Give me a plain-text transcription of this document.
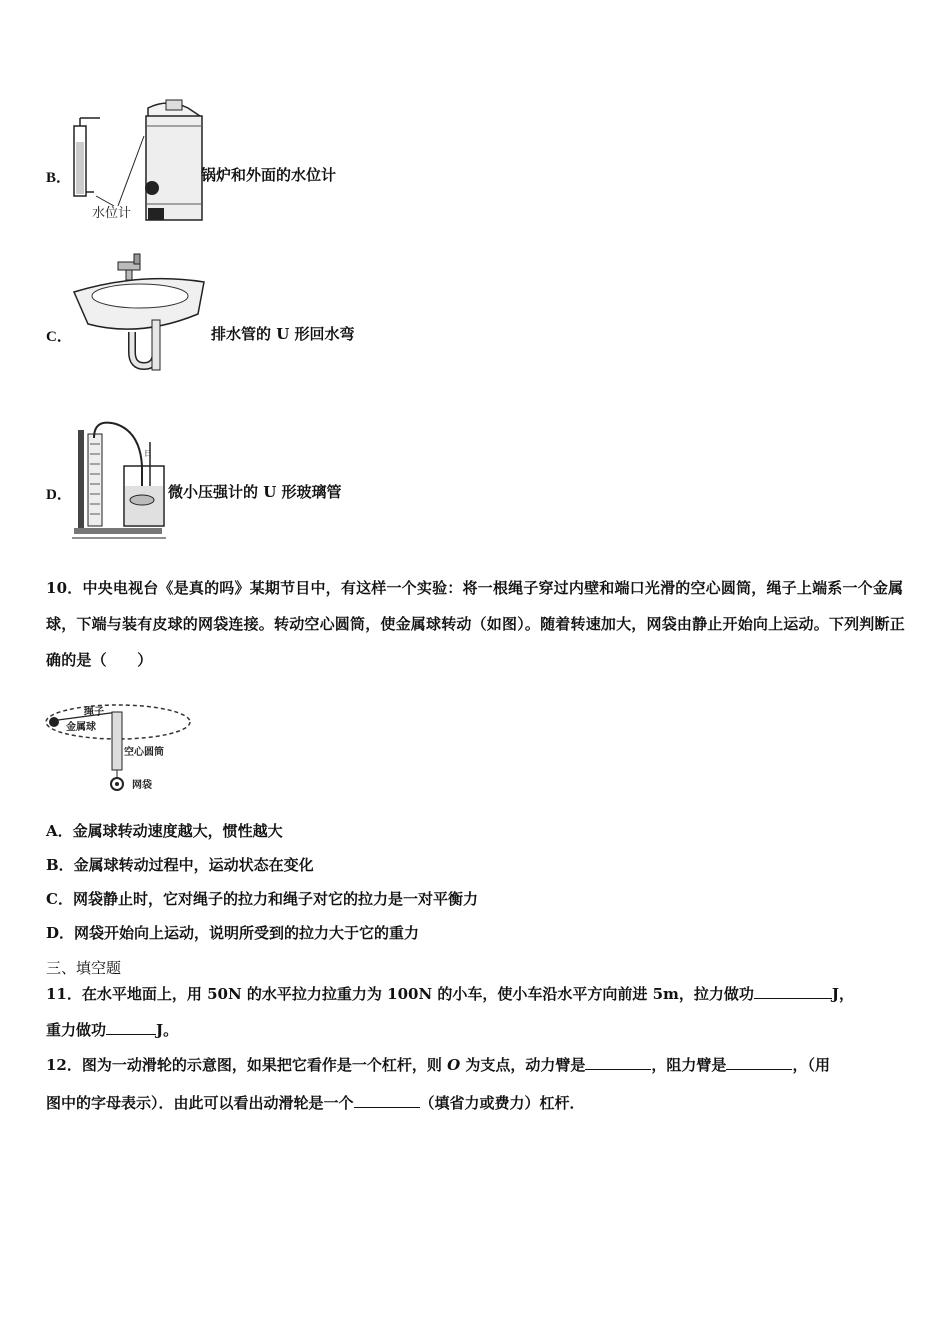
B．
水位计
锅炉和外面的水位计
C．	排水管的 U 形回水弯
D．
日
微小压强计的 U 形玻璃管
10．中央电视台《是真的吗》某期节目中，有这样一个实验：将一根绳子穿过内壁和端口光滑的空心圆筒，绳子上端系一个金属球，下端与装有皮球的网袋连接。转动空心圆筒，使金属球转动（如图）。随着转速加大，网袋由静止开始向上运动。下列判断正确的是（　　）
绳子
金属球
空心圆筒
网袋
A．金属球转动速度越大，惯性越大
B．金属球转动过程中，运动状态在变化
C．网袋静止时，它对绳子的拉力和绳子对它的拉力是一对平衡力
D．网袋开始向上运动，说明所受到的拉力大于它的重力
三、填空题
11．在水平地面上，用 50N 的水平拉力拉重力为 100N 的小车，使小车沿水平方向前进 5m，拉力做功	J，
重力做功	J。
12．图为一动滑轮的示意图，如果把它看作是一个杠杆，则 O 为支点，动力臂是	，阻力臂是	，（用
图中的字母表示）．由此可以看出动滑轮是一个	（填省力或费力）杠杆．
